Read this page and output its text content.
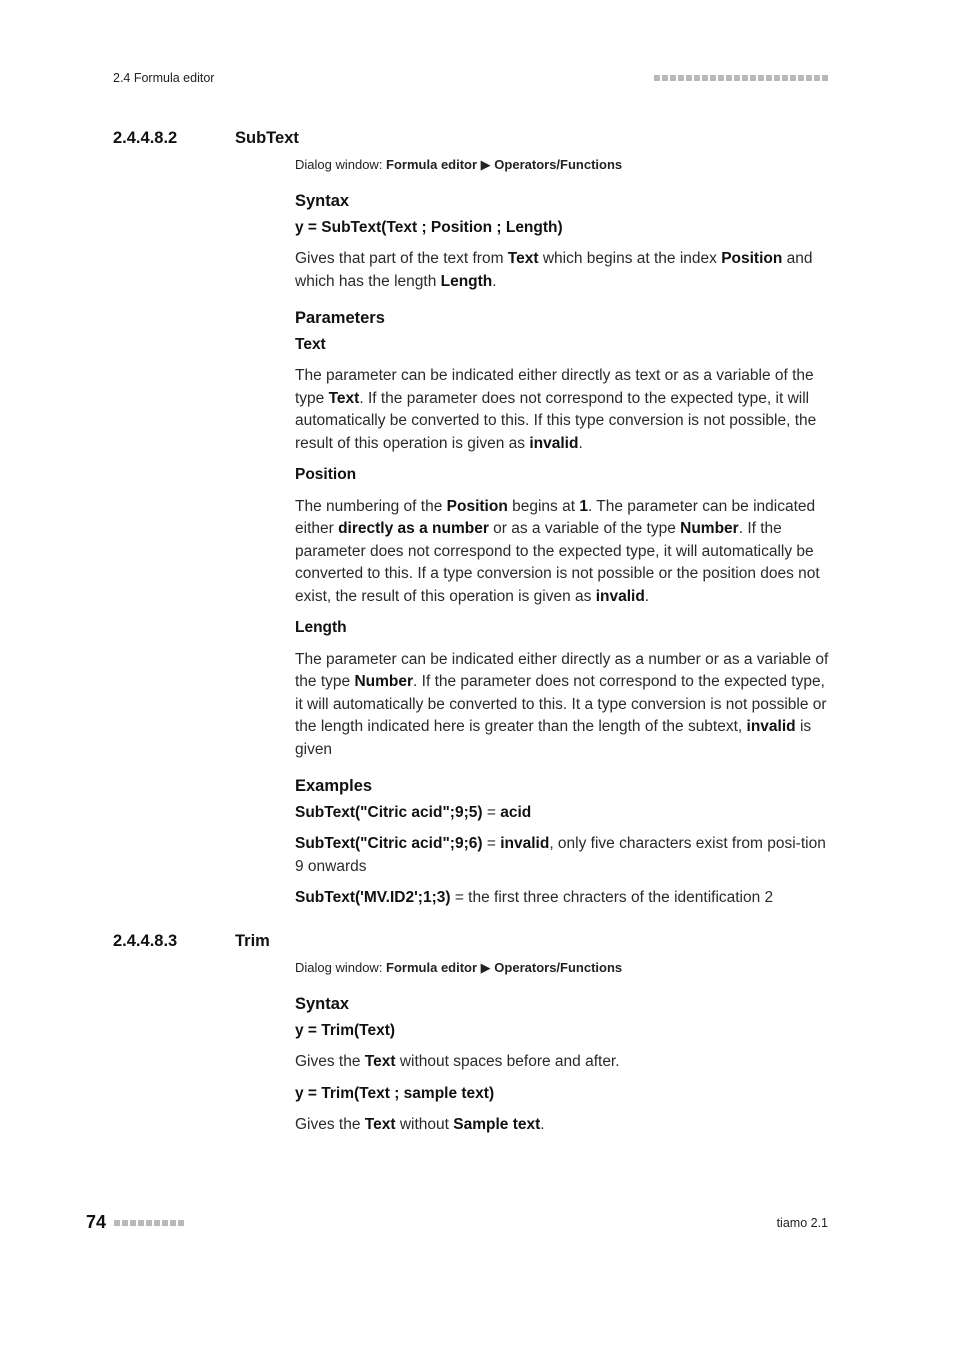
2.4 Formula editor
2.4.4.8.2	SubText
Dialog window: Formula editor ▶ Operators/Functions
Syntax
y = SubText(Text ; Position ; Length)
Gives that part of the text from Text which begins at the index Position and which has the length Length.
Parameters
Text
The parameter can be indicated either directly as text or as a variable of the type Text. If the parameter does not correspond to the expected type, it will automatically be converted to this. If this type conversion is not possible, the result of this operation is given as invalid.
Position
The numbering of the Position begins at 1. The parameter can be indicated either directly as a number or as a variable of the type Number. If the parameter does not correspond to the expected type, it will automatically be converted to this. If a type conversion is not possible or the position does not exist, the result of this operation is given as invalid.
Length
The parameter can be indicated either directly as a number or as a variable of the type Number. If the parameter does not correspond to the expected type, it will automatically be converted to this. It a type conversion is not possible or the length indicated here is greater than the length of the subtext, invalid is given
Examples
SubText("Citric acid";9;5) = acid
SubText("Citric acid";9;6) = invalid, only five characters exist from posi-tion 9 onwards
SubText('MV.ID2';1;3) = the first three chracters of the identification 2
2.4.4.8.3	Trim
Dialog window: Formula editor ▶ Operators/Functions
Syntax
y = Trim(Text)
Gives the Text without spaces before and after.
y = Trim(Text ; sample text)
Gives the Text without Sample text.
74	tiamo 2.1
